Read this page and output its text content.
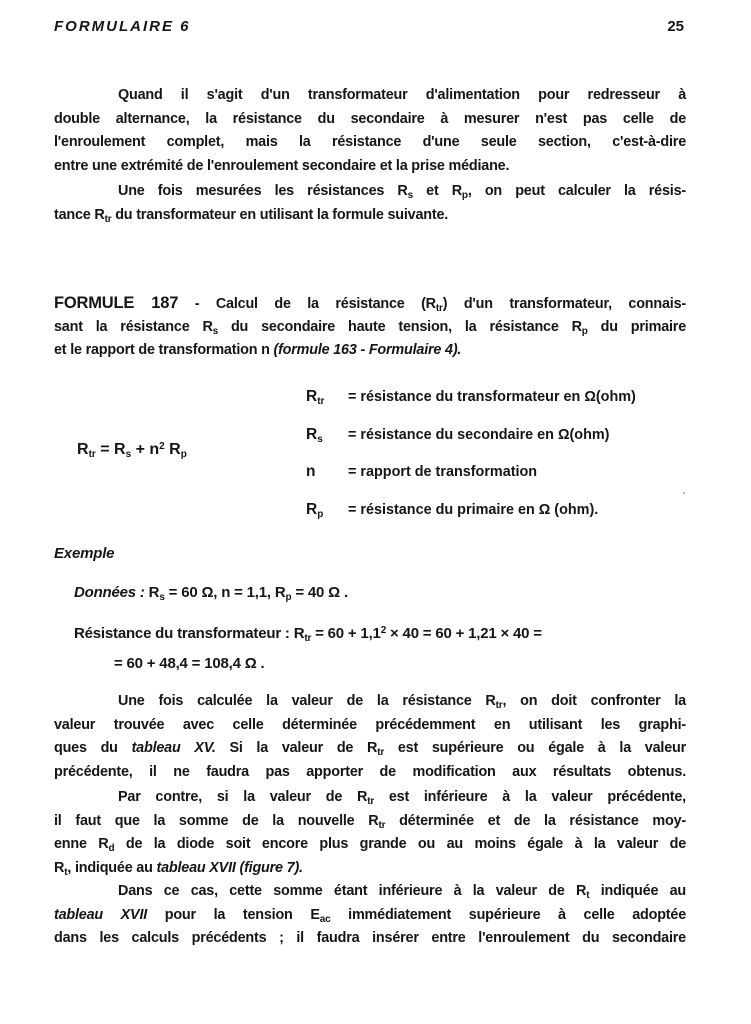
FORMULAIRE 6	25
Quand il s'agit d'un transformateur d'alimentation pour redresseur à
double alternance, la résistance du secondaire à mesurer n'est pas celle de
l'enroulement complet, mais la résistance d'une seule section, c'est-à-dire
entre une extrémité de l'enroulement secondaire et la prise médiane.
Une fois mesurées les résistances $R_s$ et $R_p$, on peut calculer la résis-
tance $R_{tr}$ du transformateur en utilisant la formule suivante.
FORMULE 187 - Calcul de la résistance $(R_{tr})$ d'un transformateur, connais-
sant la résistance $R_s$ du secondaire haute tension, la résistance $R_p$ du primaire
et le rapport de transformation n (formule 163 - Formulaire 4).
$R_{tr} = R_s + n^2$ $R_p$
$R_{tr}$ = résistance du transformateur en Ω(ohm)
$R_s$ = résistance du secondaire en Ω(ohm)
n = rapport de transformation
$R_p$ = résistance du primaire en Ω (ohm).
Exemple
Données : $R_s = 60$ Ω, n = 1,1, $R_p = 40$ Ω .
Résistance du transformateur : $R_{tr} = 60 + 1,1^2 \times 40 = 60 + 1,21 \times 40$ =
= 60 + 48,4 = 108,4 Ω .
Une fois calculée la valeur de la résistance $R_{tr}$, on doit confronter la
valeur trouvée avec celle déterminée précédemment en utilisant les graphi-
ques du tableau XV. Si la valeur de $R_{tr}$ est supérieure ou égale à la valeur
précédente, il ne faudra pas apporter de modification aux résultats obtenus.
Par contre, si la valeur de $R_{tr}$ est inférieure à la valeur précédente,
il faut que la somme de la nouvelle $R_{tr}$ déterminée et de la résistance moy-
enne $R_d$ de la diode soit encore plus grande ou au moins égale à la valeur de
$R_t$, indiquée au tableau XVII (figure 7).
Dans ce cas, cette somme étant inférieure à la valeur de $R_t$ indiquée au
tableau XVII pour la tension $E_{ac}$ immédiatement supérieure à celle adoptée
dans les calculs précédents ; il faudra insérer entre l'enroulement du secondaire
